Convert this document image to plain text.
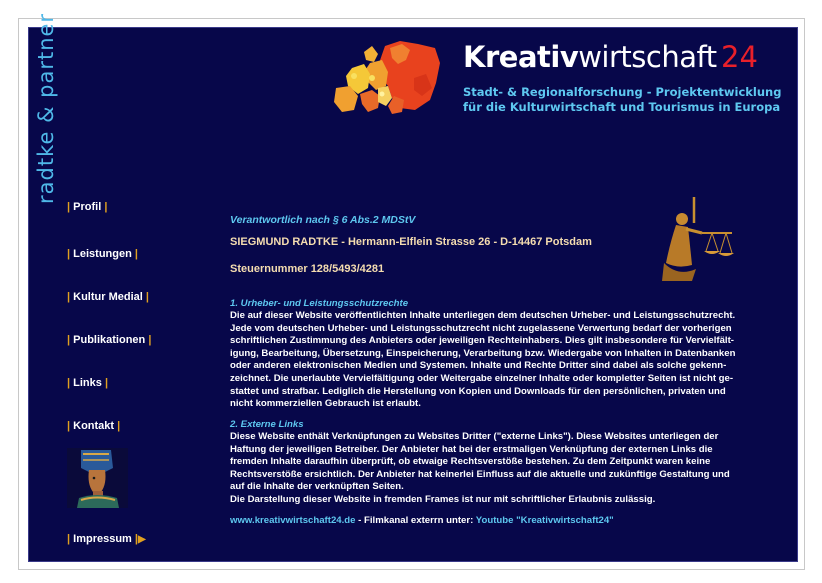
radtke & partner	Kreativwirtschaft 24
Stadt- & Regionalforschung - Projektentwicklung
für die Kulturwirtschaft und Tourismus in Europa
| Profil |
| Leistungen |
| Kultur Medial |
| Publikationen |
| Links |
| Kontakt |
| Impressum |▶
Verantwortlich nach § 6 Abs.2 MDStV
SIEGMUND RADTKE - Hermann-Elflein Strasse 26 - D-14467 Potsdam
Steuernummer 128/5493/4281
1. Urheber- und Leistungsschutzrechte
Die auf dieser Website veröffentlichten Inhalte unterliegen dem deutschen Urheber- und Leistungsschutzrecht.
Jede vom deutschen Urheber- und Leistungsschutzrecht nicht zugelassene Verwertung bedarf der vorherigen
schriftlichen Zustimmung des Anbieters oder jeweiligen Rechteinhabers. Dies gilt insbesondere für Vervielfält-
igung, Bearbeitung, Übersetzung, Einspeicherung, Verarbeitung bzw. Wiedergabe von Inhalten in Datenbanken
oder anderen elektronischen Medien und Systemen. Inhalte und Rechte Dritter sind dabei als solche gekenn-
zeichnet. Die unerlaubte Vervielfältigung oder Weitergabe einzelner Inhalte oder kompletter Seiten ist nicht ge-
stattet und strafbar. Lediglich die Herstellung von Kopien und Downloads für den persönlichen, privaten und
nicht kommerziellen Gebrauch ist erlaubt.
2. Externe Links
Diese Website enthält Verknüpfungen zu Websites Dritter ("externe Links"). Diese Websites unterliegen der
Haftung der jeweiligen Betreiber. Der Anbieter hat bei der erstmaligen Verknüpfung der externen Links die
fremden Inhalte daraufhin überprüft, ob etwaige Rechtsverstöße bestehen. Zu dem Zeitpunkt waren keine
Rechtsverstöße ersichtlich. Der Anbieter hat keinerlei Einfluss auf die aktuelle und zukünftige Gestaltung und
auf die Inhalte der verknüpften Seiten.
Die Darstellung dieser Website in fremden Frames ist nur mit schriftlicher Erlaubnis zulässig.
www.kreativwirtschaft24.de - Filmkanal exterrn unter: Youtube "Kreativwirtschaft24"
